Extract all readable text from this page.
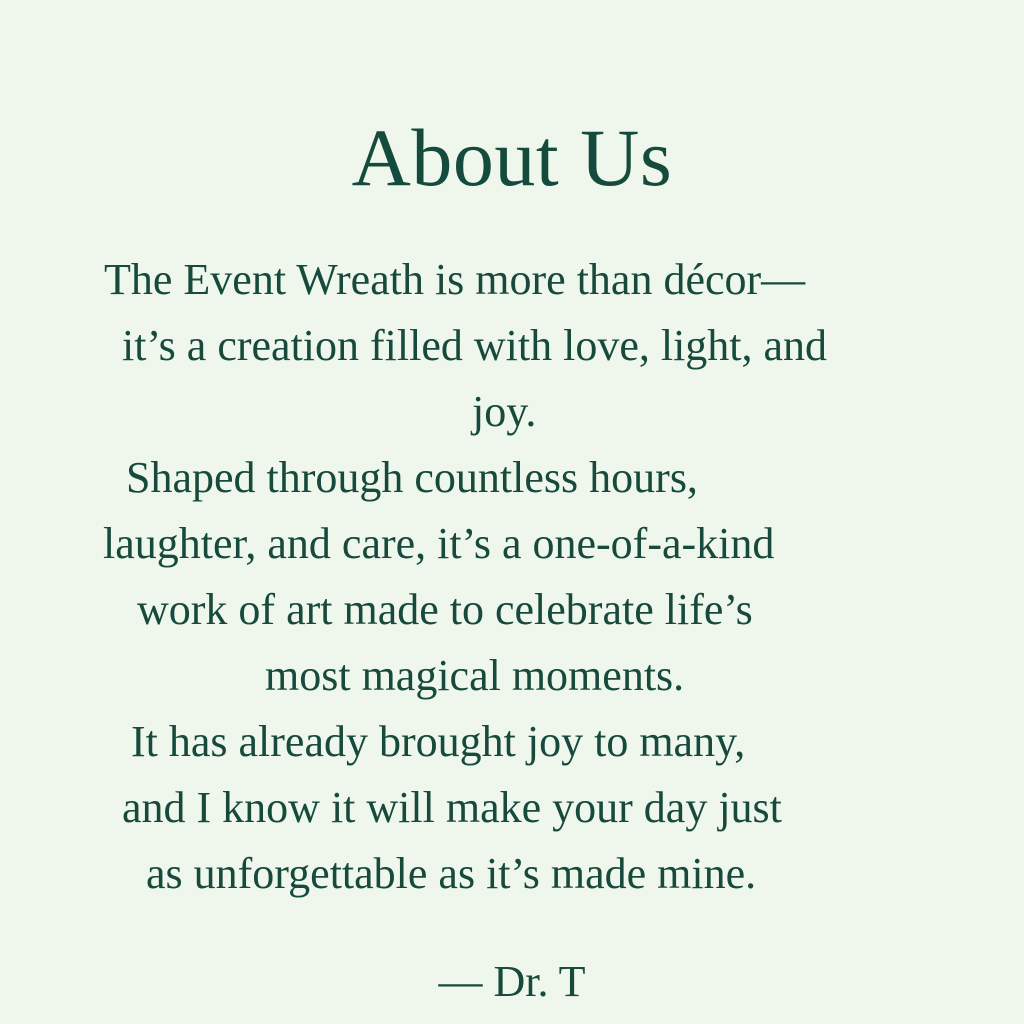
About Us

The Event Wreath is more than décor—

it’s a creation filled with love, light, and

joy.

Shaped through countless hours,

laughter, and care, it’s a one-of-a-kind

work of art made to celebrate life’s

most magical moments.

It has already brought joy to many,

and I know it will make your day just

as unforgettable as it’s made mine.

— Dr. T
